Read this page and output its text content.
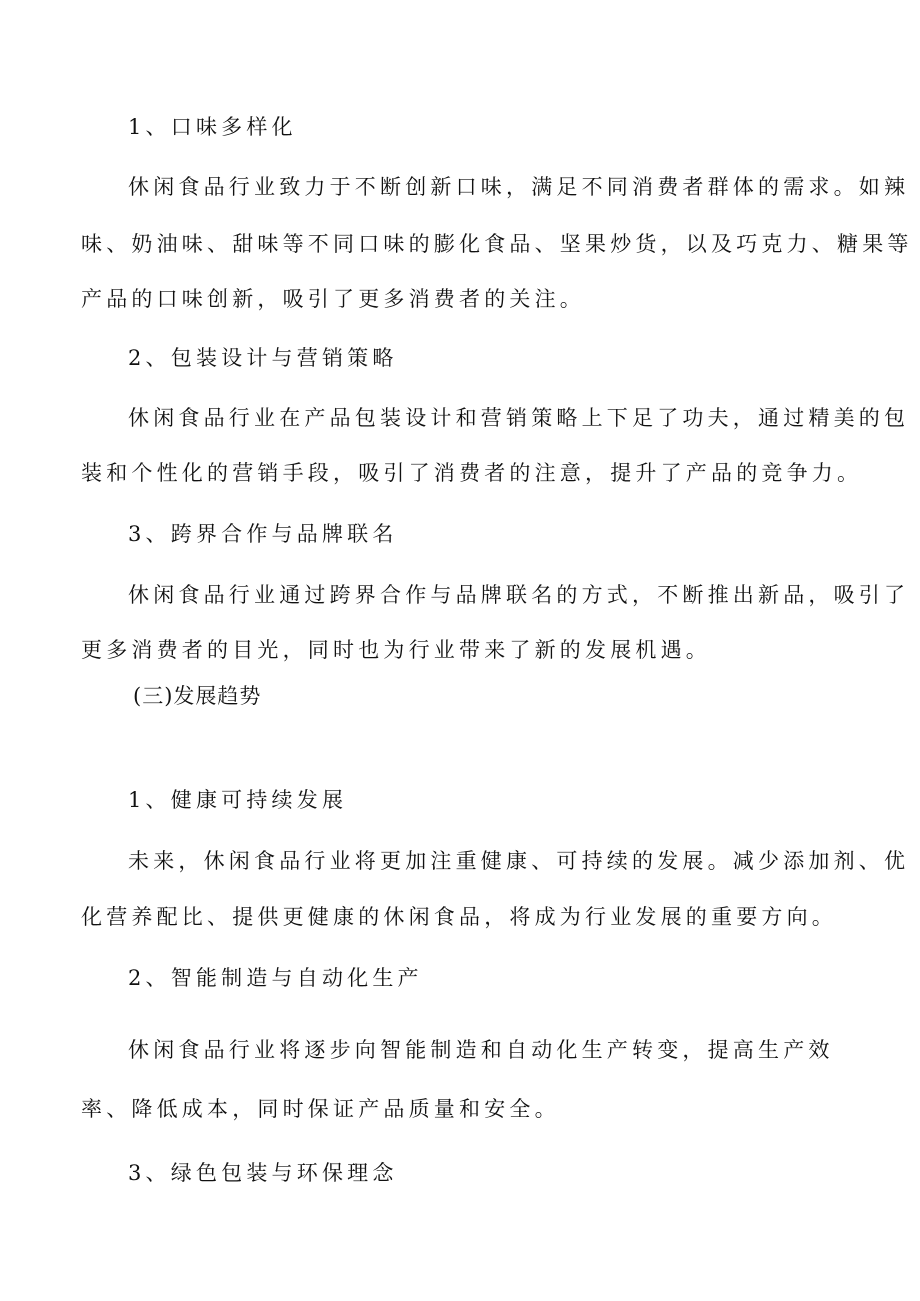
1、口味多样化
休闲食品行业致力于不断创新口味，满足不同消费者群体的需求。如辣
味、奶油味、甜味等不同口味的膨化食品、坚果炒货，以及巧克力、糖果等
产品的口味创新，吸引了更多消费者的关注。
2、包装设计与营销策略
休闲食品行业在产品包装设计和营销策略上下足了功夫，通过精美的包
装和个性化的营销手段，吸引了消费者的注意，提升了产品的竞争力。
3、跨界合作与品牌联名
休闲食品行业通过跨界合作与品牌联名的方式，不断推出新品，吸引了
更多消费者的目光，同时也为行业带来了新的发展机遇。
(三)发展趋势
1、健康可持续发展
未来，休闲食品行业将更加注重健康、可持续的发展。减少添加剂、优
化营养配比、提供更健康的休闲食品，将成为行业发展的重要方向。
2、智能制造与自动化生产
休闲食品行业将逐步向智能制造和自动化生产转变，提高生产效
率、降低成本，同时保证产品质量和安全。
3、绿色包装与环保理念
